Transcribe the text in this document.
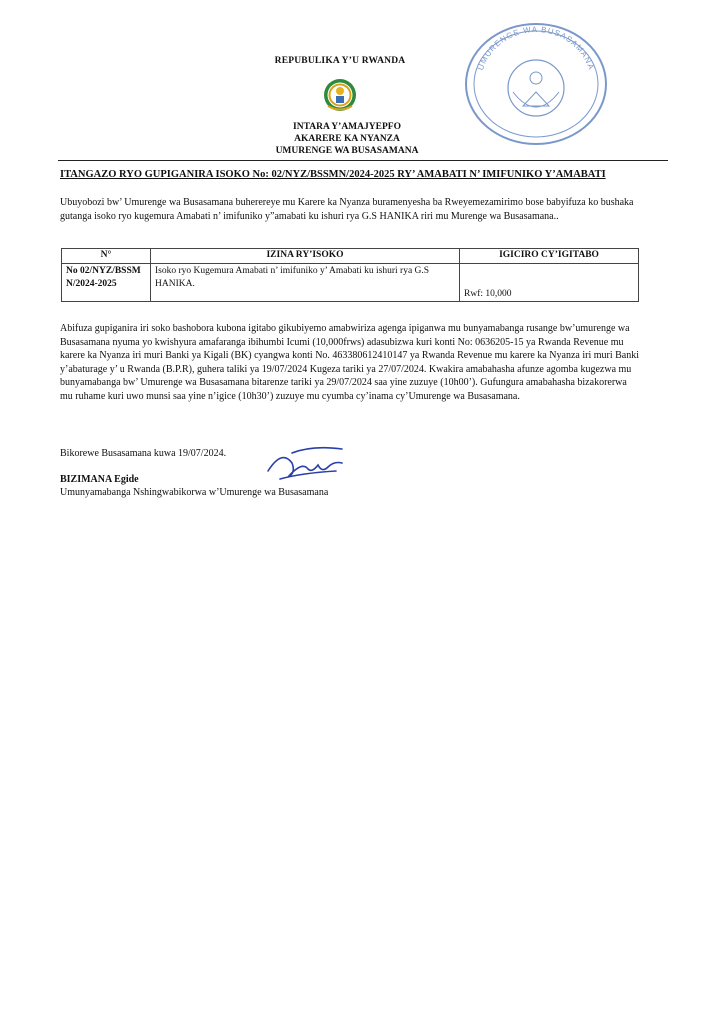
REPUBULIKA Y’U RWANDA
INTARA Y’AMAJYEPFO
AKARERE KA NYANZA
UMURENGE WA BUSASAMANA
UMURENGE WA BUSASAMANA
ITANGAZO RYO GUPIGANIRA ISOKO No: 02/NYZ/BSSMN/2024-2025 RY’ AMABATI N’ IMIFUNIKO Y’AMABATI
Ubuyobozi bw’ Umurenge wa Busasamana buherereye mu Karere ka Nyanza buramenyesha ba Rweyemezamirimo bose babyifuza ko bushaka gutanga isoko ryo kugemura Amabati n’ imifuniko y”amabati ku ishuri rya G.S HANIKA riri mu Murenge wa Busasamana..
N°	IZINA RY’ISOKO	IGICIRO CY’IGITABO
No 02/NYZ/BSSM N/2024-2025	Isoko ryo Kugemura Amabati n’ imifuniko y’ Amabati ku ishuri rya G.S HANIKA.	Rwf: 10,000
Abifuza gupiganira iri soko bashobora kubona igitabo gikubiyemo amabwiriza agenga ipiganwa mu bunyamabanga rusange bw’umurenge wa Busasamana nyuma yo kwishyura amafaranga ibihumbi Icumi (10,000frws) adasubizwa kuri konti No: 0636205-15 ya Rwanda Revenue mu karere ka Nyanza iri muri Banki ya Kigali (BK) cyangwa konti No. 463380612410147 ya Rwanda Revenue mu karere ka Nyanza iri muri Banki y’abaturage y’ u Rwanda (B.P.R), guhera taliki ya 19/07/2024 Kugeza tariki ya 27/07/2024. Kwakira amabahasha afunze agomba kugezwa mu bunyamabanga bw’ Umurenge wa Busasamana bitarenze tariki ya 29/07/2024 saa yine zuzuye (10h00’). Gufungura amabahasha bizakorerwa mu ruhame kuri uwo munsi saa yine n’igice (10h30’) zuzuye mu cyumba cy’inama cy’Umurenge wa Busasamana.
Bikorewe Busasamana kuwa 19/07/2024.
BIZIMANA Egide
Umunyamabanga Nshingwabikorwa w’Umurenge wa Busasamana
